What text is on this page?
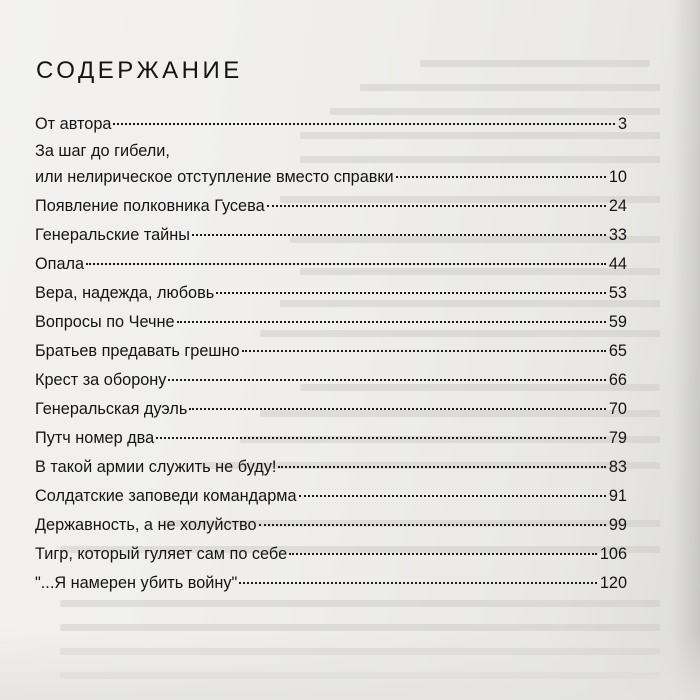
СОДЕРЖАНИЕ
От автора	3
За шаг до гибели,
или нелирическое отступление вместо справки	10
Появление полковника Гусева	24
Генеральские тайны	33
Опала	44
Вера, надежда, любовь	53
Вопросы по Чечне	59
Братьев предавать грешно	65
Крест за оборону	66
Генеральская дуэль	70
Путч номер два	79
В такой армии служить не буду!	83
Солдатские заповеди командарма	91
Державность, а не холуйство	99
Тигр, который гуляет сам по себе	106
"...Я намерен убить войну"	120
